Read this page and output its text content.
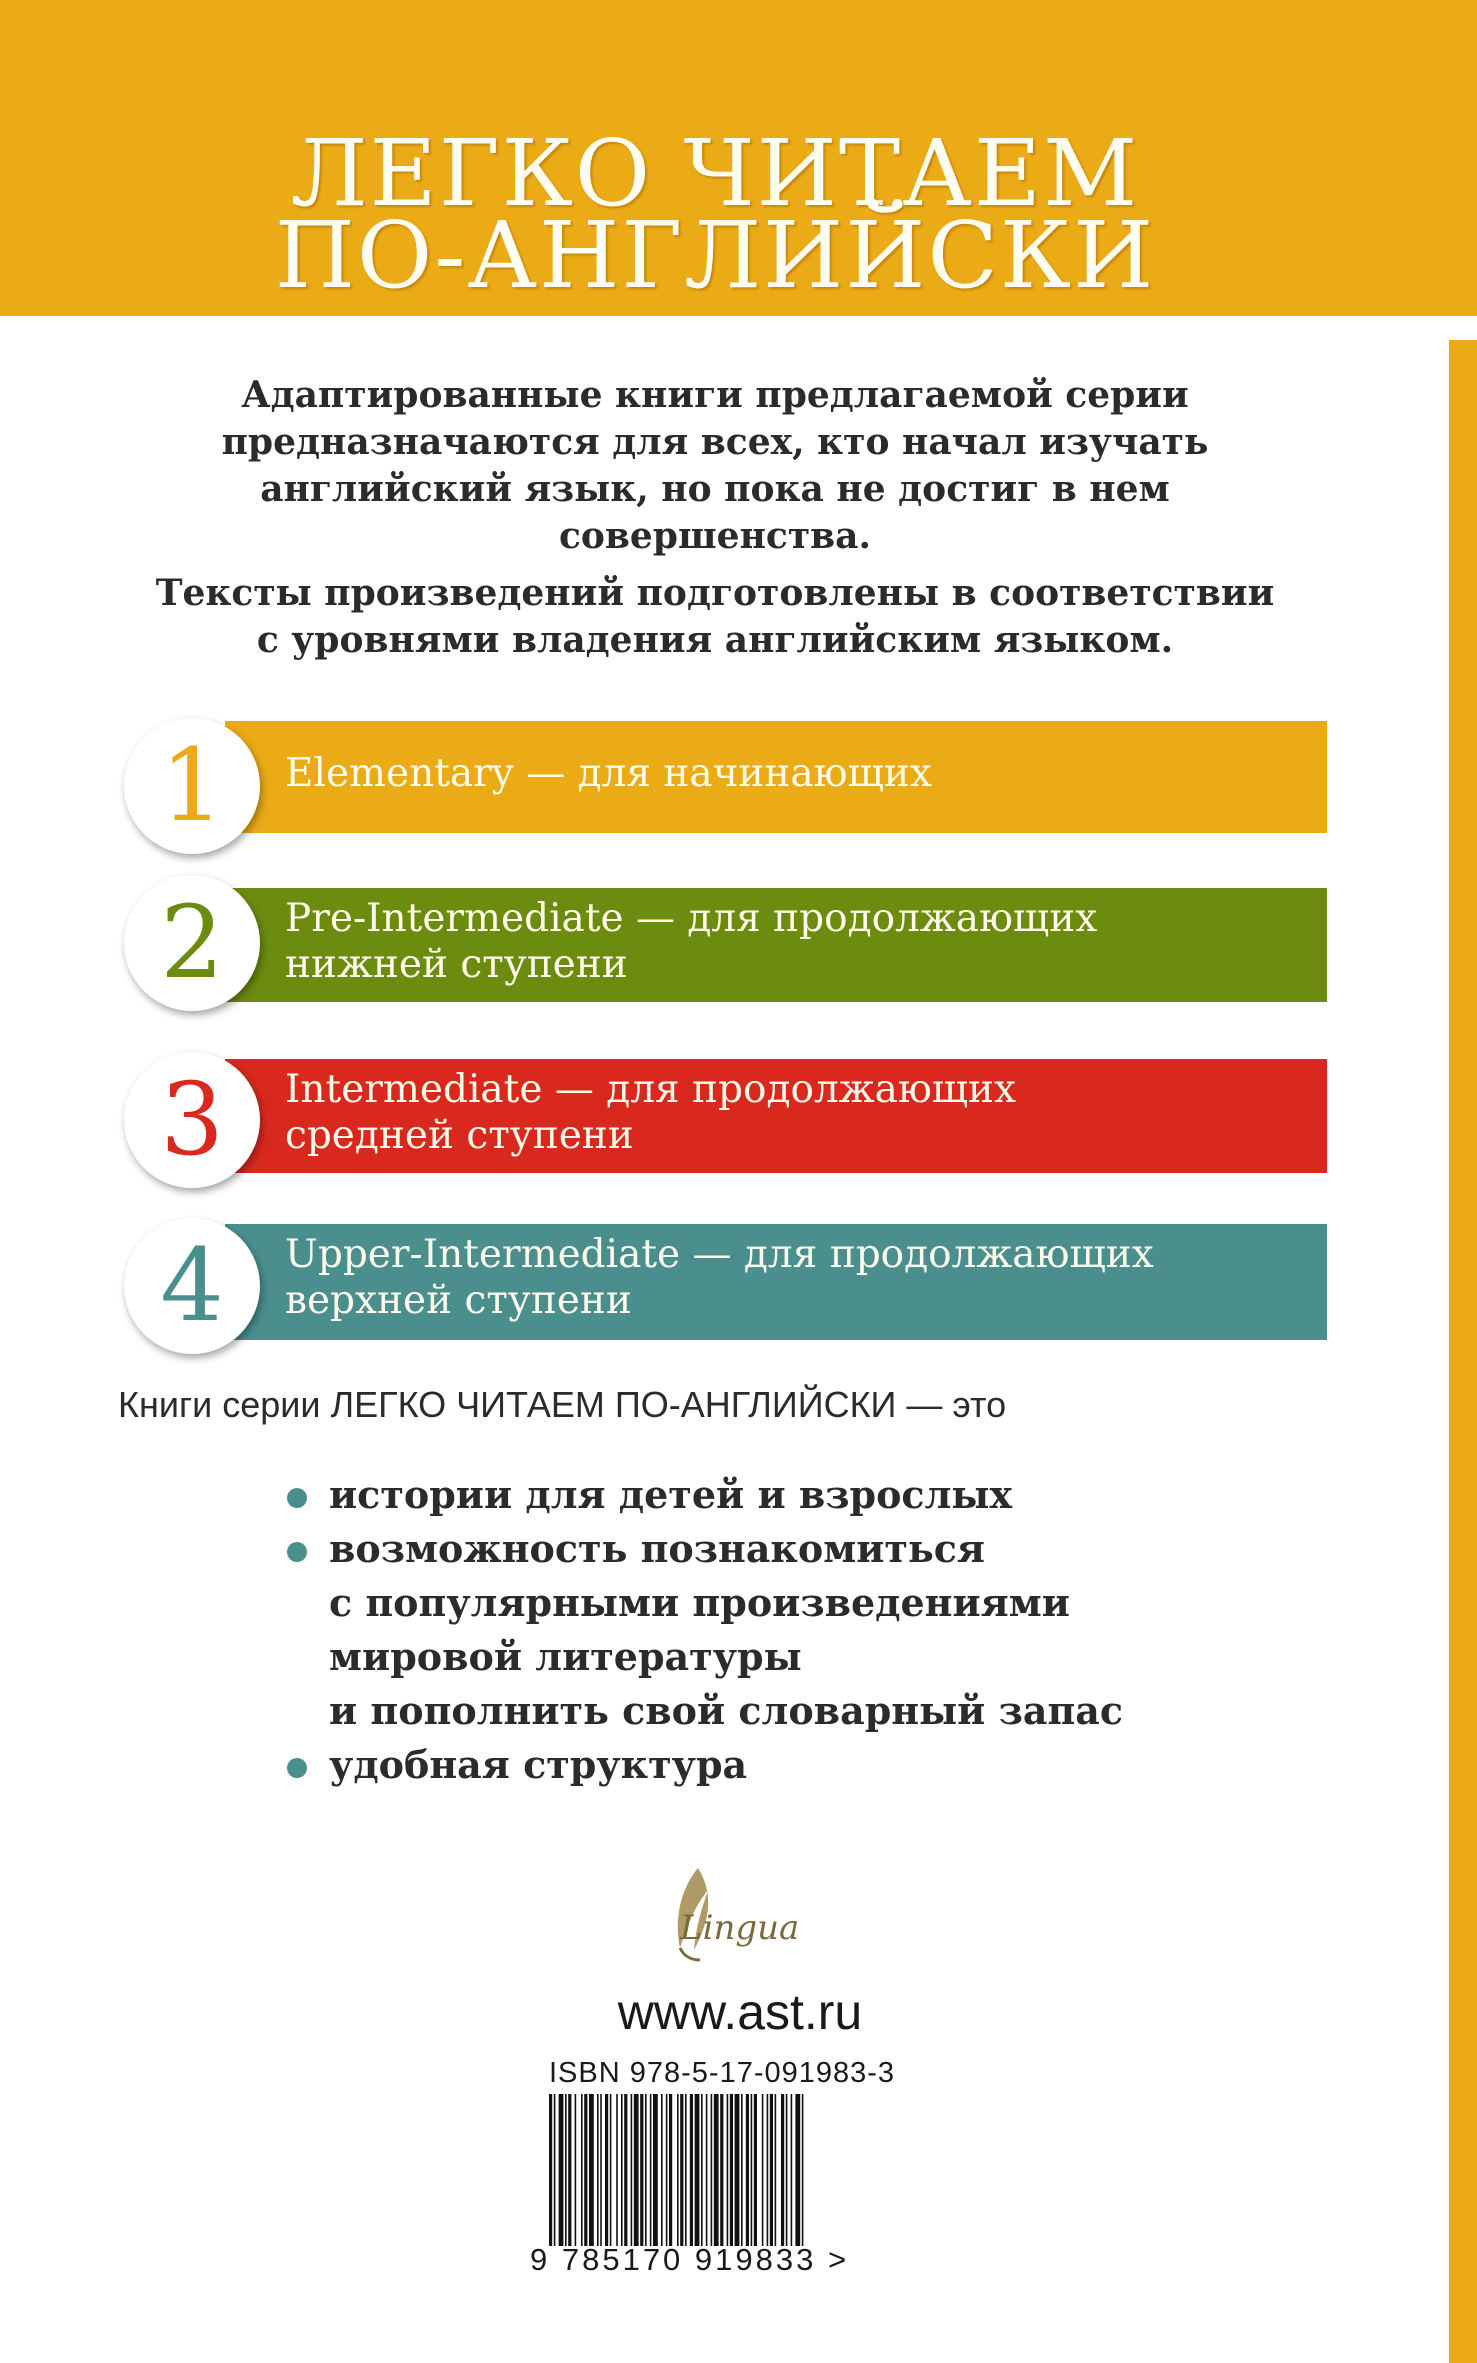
ЛЕГКО ЧИТАЕМ
ПО-АНГЛИЙСКИ
Адаптированные книги предлагаемой серии
предназначаются для всех, кто начал изучать
английский язык, но пока не достиг в нем
совершенства.
Тексты произведений подготовлены в соответствии
с уровнями владения английским языком.
Elementary — для начинающих
1
Pre-Intermediate — для продолжающих
нижней ступени
2
Intermediate — для продолжающих
средней ступени
3
Upper-Intermediate — для продолжающих
верхней ступени
4
Книги серии ЛЕГКО ЧИТАЕМ ПО-АНГЛИЙСКИ — это
истории для детей и взрослых
возможность познакомиться
с популярными произведениями
мировой литературы
и пополнить свой словарный запас
удобная структура
Lingua
www.ast.ru
ISBN 978-5-17-091983-3
9 785170 919833 >
